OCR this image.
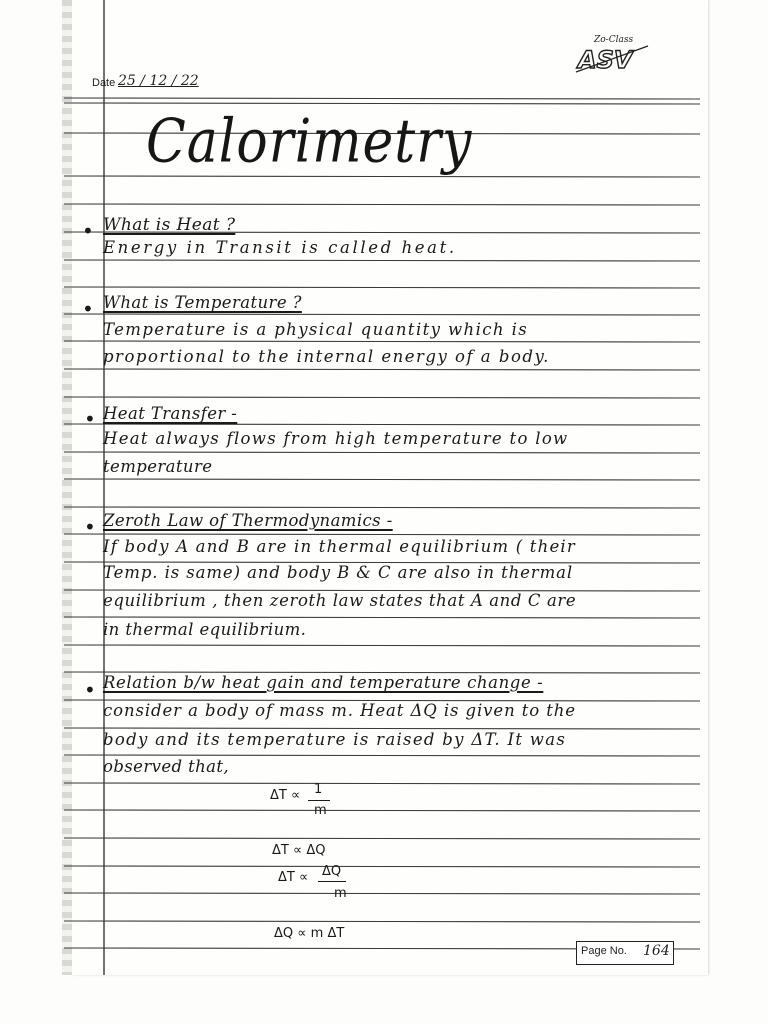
Date 25 / 12 / 22
Zo-Class
ASV
Calorimetry
• What is Heat ?
Energy in Transit is called heat.
• What is Temperature ?
Temperature is a physical quantity which is
proportional to the internal energy of a body.
• Heat Transfer -
Heat always flows from high temperature to low
temperature
• Zeroth Law of Thermodynamics -
If body A and B are in thermal equilibrium ( their
Temp. is same) and body B & C are also in thermal
equilibrium , then zeroth law states that A and C are
in thermal equilibrium.
• Relation b/w heat gain and temperature change -
consider a body of mass m. Heat ΔQ is given to the
body and its temperature is raised by ΔT. It was
observed that,
ΔT ∝ 1
m
ΔT ∝ ΔQ
ΔT ∝ ΔQ
m
ΔQ ∝ m ΔT
Page No. 164
